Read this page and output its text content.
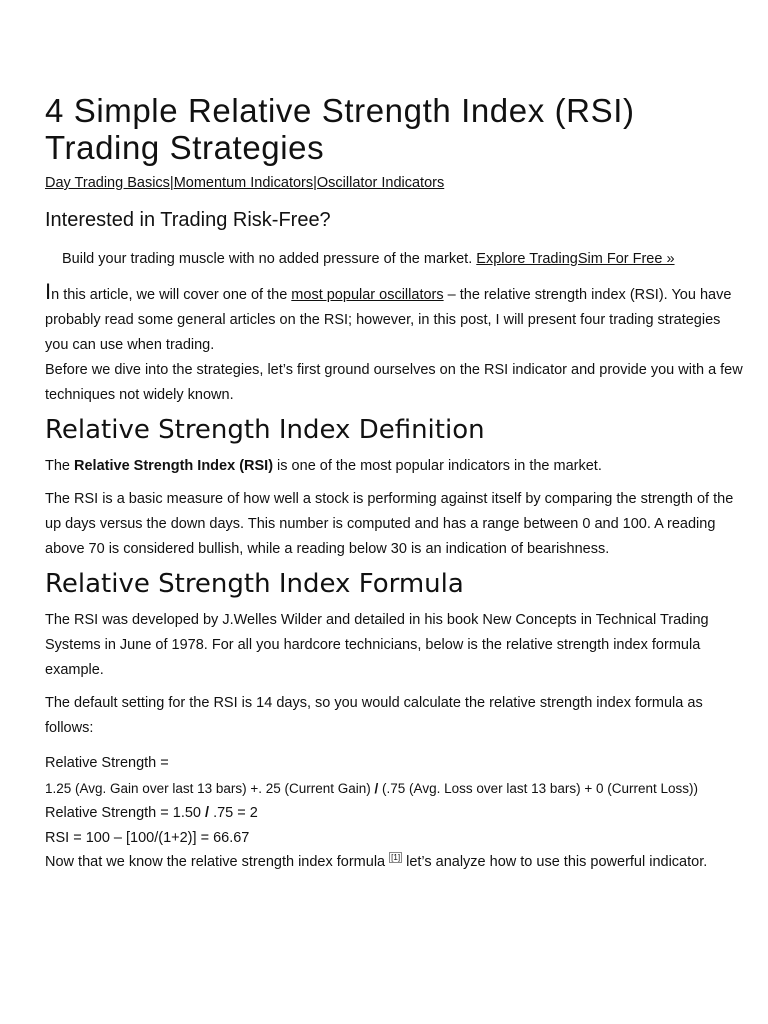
4 Simple Relative Strength Index (RSI)
Trading Strategies
Day Trading Basics|Momentum Indicators|Oscillator Indicators
Interested in Trading Risk-Free?
Build your trading muscle with no added pressure of the market. Explore TradingSim For Free »

In this article, we will cover one of the most popular oscillators – the relative strength index (RSI). You have probably read some general articles on the RSI; however, in this post, I will present four trading strategies you can use when trading.

Before we dive into the strategies, let’s first ground ourselves on the RSI indicator and provide you with a few techniques not widely known.

Relative Strength Index Definition

The Relative Strength Index (RSI) is one of the most popular indicators in the market.

The RSI is a basic measure of how well a stock is performing against itself by comparing the strength of the up days versus the down days. This number is computed and has a range between 0 and 100. A reading above 70 is considered bullish, while a reading below 30 is an indication of bearishness.

Relative Strength Index Formula

The RSI was developed by J.Welles Wilder and detailed in his book New Concepts in Technical Trading Systems in June of 1978. For all you hardcore technicians, below is the relative strength index formula example.

The default setting for the RSI is 14 days, so you would calculate the relative strength index formula as follows:

Relative Strength =

1.25 (Avg. Gain over last 13 bars) +. 25 (Current Gain) / (.75 (Avg. Loss over last 13 bars) + 0 (Current Loss))

Relative Strength = 1.50 / .75 = 2

RSI = 100 – [100/(1+2)] = 66.67

Now that we know the relative strength index formula [1] let’s analyze how to use this powerful indicator.
